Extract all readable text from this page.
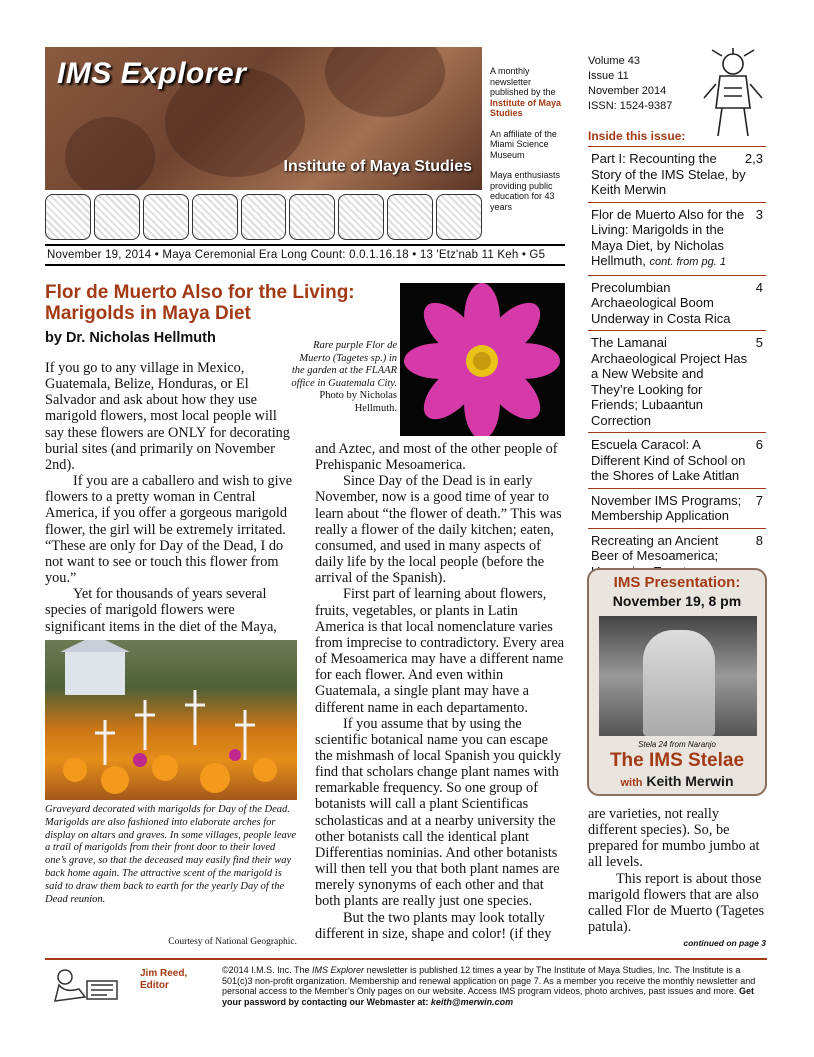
IMS Explorer
Institute of Maya Studies

A monthly newsletter published by the Institute of Maya Studies

An affiliate of the Miami Science Museum

Maya enthusiasts providing public education for 43 years

Volume 43
Issue 11
November 2014
ISSN: 1524-9387
November 19, 2014 • Maya Ceremonial Era Long Count: 0.0.1.16.18 • 13 'Etz'nab 11 Keh • G5
Inside this issue:
Part I: Recounting the Story of the IMS Stelae, by Keith Merwin
2,3
Flor de Muerto Also for the Living: Marigolds in the Maya Diet, by Nicholas Hellmuth, cont. from pg. 1
3
Precolumbian Archaeological Boom Underway in Costa Rica
4
The Lamanai Archaeological Project Has a New Website and They’re Looking for Friends; Lubaantun Correction
5
Escuela Caracol: A Different Kind of School on the Shores of Lake Atitlan
6
November IMS Programs; Membership Application
7
Recreating an Ancient Beer of Mesoamerica;
8
IMS Presentation:
November 19, 8 pm
Stela 24 from Naranjo
The IMS Stelae
with Keith Merwin
Flor de Muerto Also for the Living: Marigolds in Maya Diet
by Dr. Nicholas Hellmuth	Rare purple Flor de Muerto (Tagetes sp.) in the garden at the FLAAR office in Guatemala City. Photo by Nicholas Hellmuth.

If you go to any village in Mexico, Guatemala, Belize, Honduras, or El Salvador and ask about how they use marigold flowers, most local people will say these flowers are ONLY for decorating burial sites (and primarily on November 2nd).

If you are a caballero and wish to give flowers to a pretty woman in Central America, if you offer a gorgeous marigold flower, the girl will be extremely irritated. “These are only for Day of the Dead, I do not want to see or touch this flower from you.”

Yet for thousands of years several species of marigold flowers were significant items in the diet of the Maya,

Graveyard decorated with marigolds for Day of the Dead. Marigolds are also fashioned into elaborate arches for display on altars and graves. In some villages, people leave a trail of marigolds from their front door to their loved one’s grave, so that the deceased may easily find their way back home again. The attractive scent of the marigold is said to draw them back to earth for the yearly Day of the Dead reunion.
Courtesy of National Geographic.

and Aztec, and most of the other people of Prehispanic Mesoamerica.

Since Day of the Dead is in early November, now is a good time of year to learn about “the flower of death.” This was really a flower of the daily kitchen; eaten, consumed, and used in many aspects of daily life by the local people (before the arrival of the Spanish).

First part of learning about flowers, fruits, vegetables, or plants in Latin America is that local nomenclature varies from imprecise to contradictory. Every area of Mesoamerica may have a different name for each flower. And even within Guatemala, a single plant may have a different name in each departamento.

If you assume that by using the scientific botanical name you can escape the mishmash of local Spanish you quickly find that scholars change plant names with remarkable frequency. So one group of botanists will call a plant Scientificas scholasticas and at a nearby university the other botanists call the identical plant Differentias nominias. And other botanists will then tell you that both plant names are merely synonyms of each other and that both plants are really just one species.

But the two plants may look totally different in size, shape and color! (if they

are varieties, not really different species). So, be prepared for mumbo jumbo at all levels.

This report is about those marigold flowers that are also called Flor de Muerto (Tagetes patula).

continued on page 3
Jim Reed, Editor
©2014 I.M.S. Inc. The IMS Explorer newsletter is published 12 times a year by The Institute of Maya Studies, Inc. The Institute is a 501(c)3 non-profit organization. Membership and renewal application on page 7. As a member you receive the monthly newsletter and personal access to the Member’s Only pages on our website. Access IMS program videos, photo archives, past issues and more. Get your password by contacting our Webmaster at: keith@merwin.com
